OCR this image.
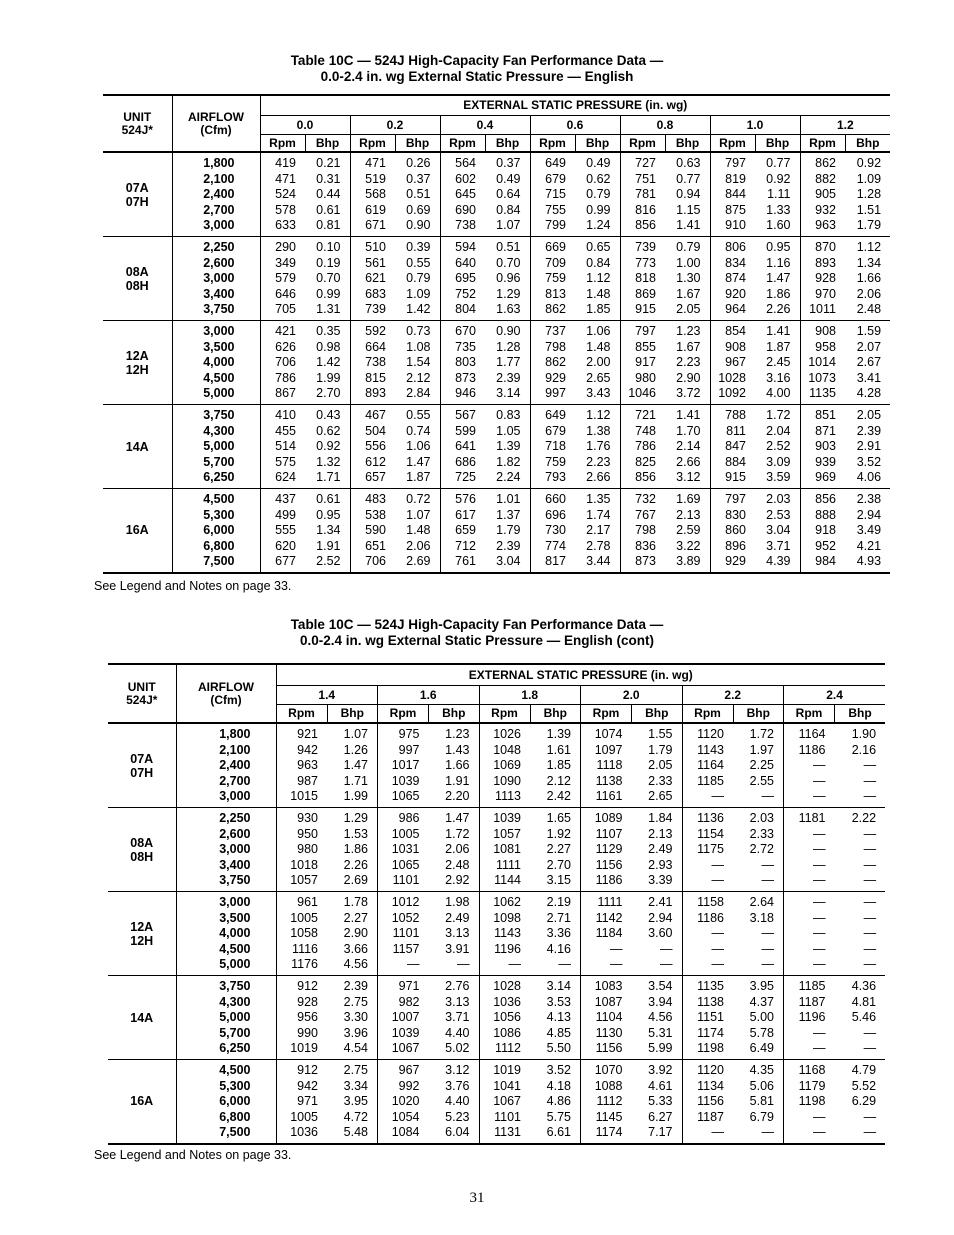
Table 10C — 524J High-Capacity Fan Performance Data —
0.0-2.4 in. wg External Static Pressure — English
UNIT
524J*	AIRFLOW
(Cfm)	EXTERNAL STATIC PRESSURE (in. wg)													
		0.0		0.2		0.4		0.6		0.8		1.0		1.2	
		Rpm	Bhp	Rpm	Bhp	Rpm	Bhp	Rpm	Bhp	Rpm	Bhp	Rpm	Bhp	Rpm	Bhp

07A
07H	1,800	419	0.21	471	0.26	564	0.37	649	0.49	727	0.63	797	0.77	862	0.92
	2,100	471	0.31	519	0.37	602	0.49	679	0.62	751	0.77	819	0.92	882	1.09
	2,400	524	0.44	568	0.51	645	0.64	715	0.79	781	0.94	844	1.11	905	1.28
	2,700	578	0.61	619	0.69	690	0.84	755	0.99	816	1.15	875	1.33	932	1.51
	3,000	633	0.81	671	0.90	738	1.07	799	1.24	856	1.41	910	1.60	963	1.79

08A
08H	2,250	290	0.10	510	0.39	594	0.51	669	0.65	739	0.79	806	0.95	870	1.12
	2,600	349	0.19	561	0.55	640	0.70	709	0.84	773	1.00	834	1.16	893	1.34
	3,000	579	0.70	621	0.79	695	0.96	759	1.12	818	1.30	874	1.47	928	1.66
	3,400	646	0.99	683	1.09	752	1.29	813	1.48	869	1.67	920	1.86	970	2.06
	3,750	705	1.31	739	1.42	804	1.63	862	1.85	915	2.05	964	2.26	1011	2.48

12A
12H	3,000	421	0.35	592	0.73	670	0.90	737	1.06	797	1.23	854	1.41	908	1.59
	3,500	626	0.98	664	1.08	735	1.28	798	1.48	855	1.67	908	1.87	958	2.07
	4,000	706	1.42	738	1.54	803	1.77	862	2.00	917	2.23	967	2.45	1014	2.67
	4,500	786	1.99	815	2.12	873	2.39	929	2.65	980	2.90	1028	3.16	1073	3.41
	5,000	867	2.70	893	2.84	946	3.14	997	3.43	1046	3.72	1092	4.00	1135	4.28

14A	3,750	410	0.43	467	0.55	567	0.83	649	1.12	721	1.41	788	1.72	851	2.05
	4,300	455	0.62	504	0.74	599	1.05	679	1.38	748	1.70	811	2.04	871	2.39
	5,000	514	0.92	556	1.06	641	1.39	718	1.76	786	2.14	847	2.52	903	2.91
	5,700	575	1.32	612	1.47	686	1.82	759	2.23	825	2.66	884	3.09	939	3.52
	6,250	624	1.71	657	1.87	725	2.24	793	2.66	856	3.12	915	3.59	969	4.06

16A	4,500	437	0.61	483	0.72	576	1.01	660	1.35	732	1.69	797	2.03	856	2.38
	5,300	499	0.95	538	1.07	617	1.37	696	1.74	767	2.13	830	2.53	888	2.94
	6,000	555	1.34	590	1.48	659	1.79	730	2.17	798	2.59	860	3.04	918	3.49
	6,800	620	1.91	651	2.06	712	2.39	774	2.78	836	3.22	896	3.71	952	4.21
	7,500	677	2.52	706	2.69	761	3.04	817	3.44	873	3.89	929	4.39	984	4.93
See Legend and Notes on page 33.
Table 10C — 524J High-Capacity Fan Performance Data —
0.0-2.4 in. wg External Static Pressure — English (cont)
UNIT
524J*	AIRFLOW
(Cfm)	EXTERNAL STATIC PRESSURE (in. wg)											
		1.4		1.6		1.8		2.0		2.2		2.4	
		Rpm	Bhp	Rpm	Bhp	Rpm	Bhp	Rpm	Bhp	Rpm	Bhp	Rpm	Bhp

07A
07H	1,800	921	1.07	975	1.23	1026	1.39	1074	1.55	1120	1.72	1164	1.90
	2,100	942	1.26	997	1.43	1048	1.61	1097	1.79	1143	1.97	1186	2.16
	2,400	963	1.47	1017	1.66	1069	1.85	1118	2.05	1164	2.25	—	—
	2,700	987	1.71	1039	1.91	1090	2.12	1138	2.33	1185	2.55	—	—
	3,000	1015	1.99	1065	2.20	1113	2.42	1161	2.65	—	—	—	—

08A
08H	2,250	930	1.29	986	1.47	1039	1.65	1089	1.84	1136	2.03	1181	2.22
	2,600	950	1.53	1005	1.72	1057	1.92	1107	2.13	1154	2.33	—	—
	3,000	980	1.86	1031	2.06	1081	2.27	1129	2.49	1175	2.72	—	—
	3,400	1018	2.26	1065	2.48	1111	2.70	1156	2.93	—	—	—	—
	3,750	1057	2.69	1101	2.92	1144	3.15	1186	3.39	—	—	—	—

12A
12H	3,000	961	1.78	1012	1.98	1062	2.19	1111	2.41	1158	2.64	—	—
	3,500	1005	2.27	1052	2.49	1098	2.71	1142	2.94	1186	3.18	—	—
	4,000	1058	2.90	1101	3.13	1143	3.36	1184	3.60	—	—	—	—
	4,500	1116	3.66	1157	3.91	1196	4.16	—	—	—	—	—	—
	5,000	1176	4.56	—	—	—	—	—	—	—	—	—	—

14A	3,750	912	2.39	971	2.76	1028	3.14	1083	3.54	1135	3.95	1185	4.36
	4,300	928	2.75	982	3.13	1036	3.53	1087	3.94	1138	4.37	1187	4.81
	5,000	956	3.30	1007	3.71	1056	4.13	1104	4.56	1151	5.00	1196	5.46
	5,700	990	3.96	1039	4.40	1086	4.85	1130	5.31	1174	5.78	—	—
	6,250	1019	4.54	1067	5.02	1112	5.50	1156	5.99	1198	6.49	—	—

16A	4,500	912	2.75	967	3.12	1019	3.52	1070	3.92	1120	4.35	1168	4.79
	5,300	942	3.34	992	3.76	1041	4.18	1088	4.61	1134	5.06	1179	5.52
	6,000	971	3.95	1020	4.40	1067	4.86	1112	5.33	1156	5.81	1198	6.29
	6,800	1005	4.72	1054	5.23	1101	5.75	1145	6.27	1187	6.79	—	—
	7,500	1036	5.48	1084	6.04	1131	6.61	1174	7.17	—	—	—	—
See Legend and Notes on page 33.
31
